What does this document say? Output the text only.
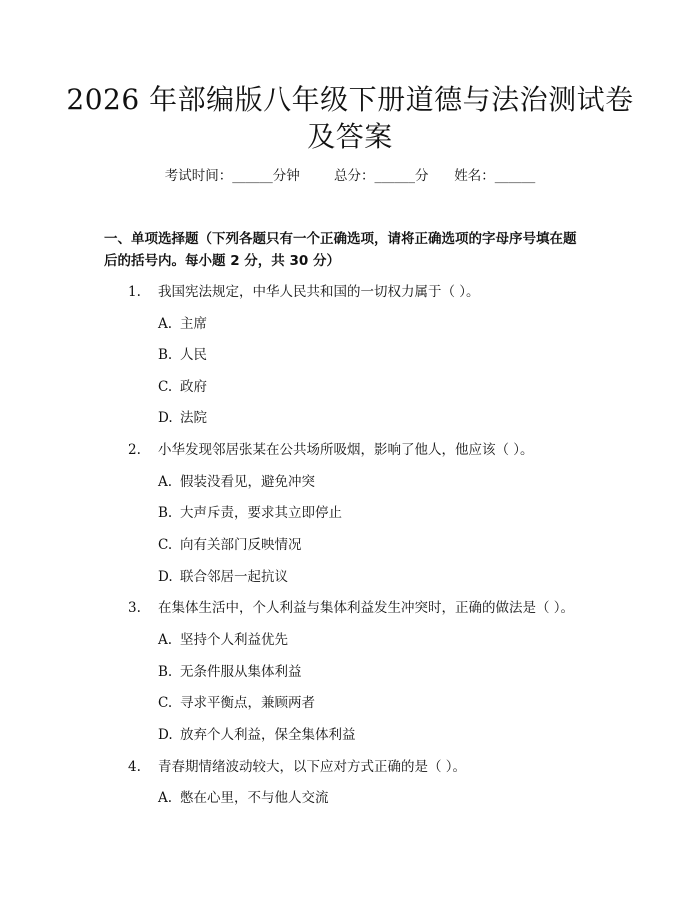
2026 年部编版八年级下册道德与法治测试卷
及答案
考试时间：______分钟	总分：______分 姓名：______
一、单项选择题（下列各题只有一个正确选项，请将正确选项的字母序号填在题
后的括号内。每小题 2 分，共 30 分）
1. 我国宪法规定，中华人民共和国的一切权力属于（ ）。
A. 主席
B. 人民
C. 政府
D. 法院
2. 小华发现邻居张某在公共场所吸烟，影响了他人，他应该（ ）。
A. 假装没看见，避免冲突
B. 大声斥责，要求其立即停止
C. 向有关部门反映情况
D. 联合邻居一起抗议
3. 在集体生活中，个人利益与集体利益发生冲突时，正确的做法是（ ）。
A. 坚持个人利益优先
B. 无条件服从集体利益
C. 寻求平衡点，兼顾两者
D. 放弃个人利益，保全集体利益
4. 青春期情绪波动较大，以下应对方式正确的是（ ）。
A. 憋在心里，不与他人交流
